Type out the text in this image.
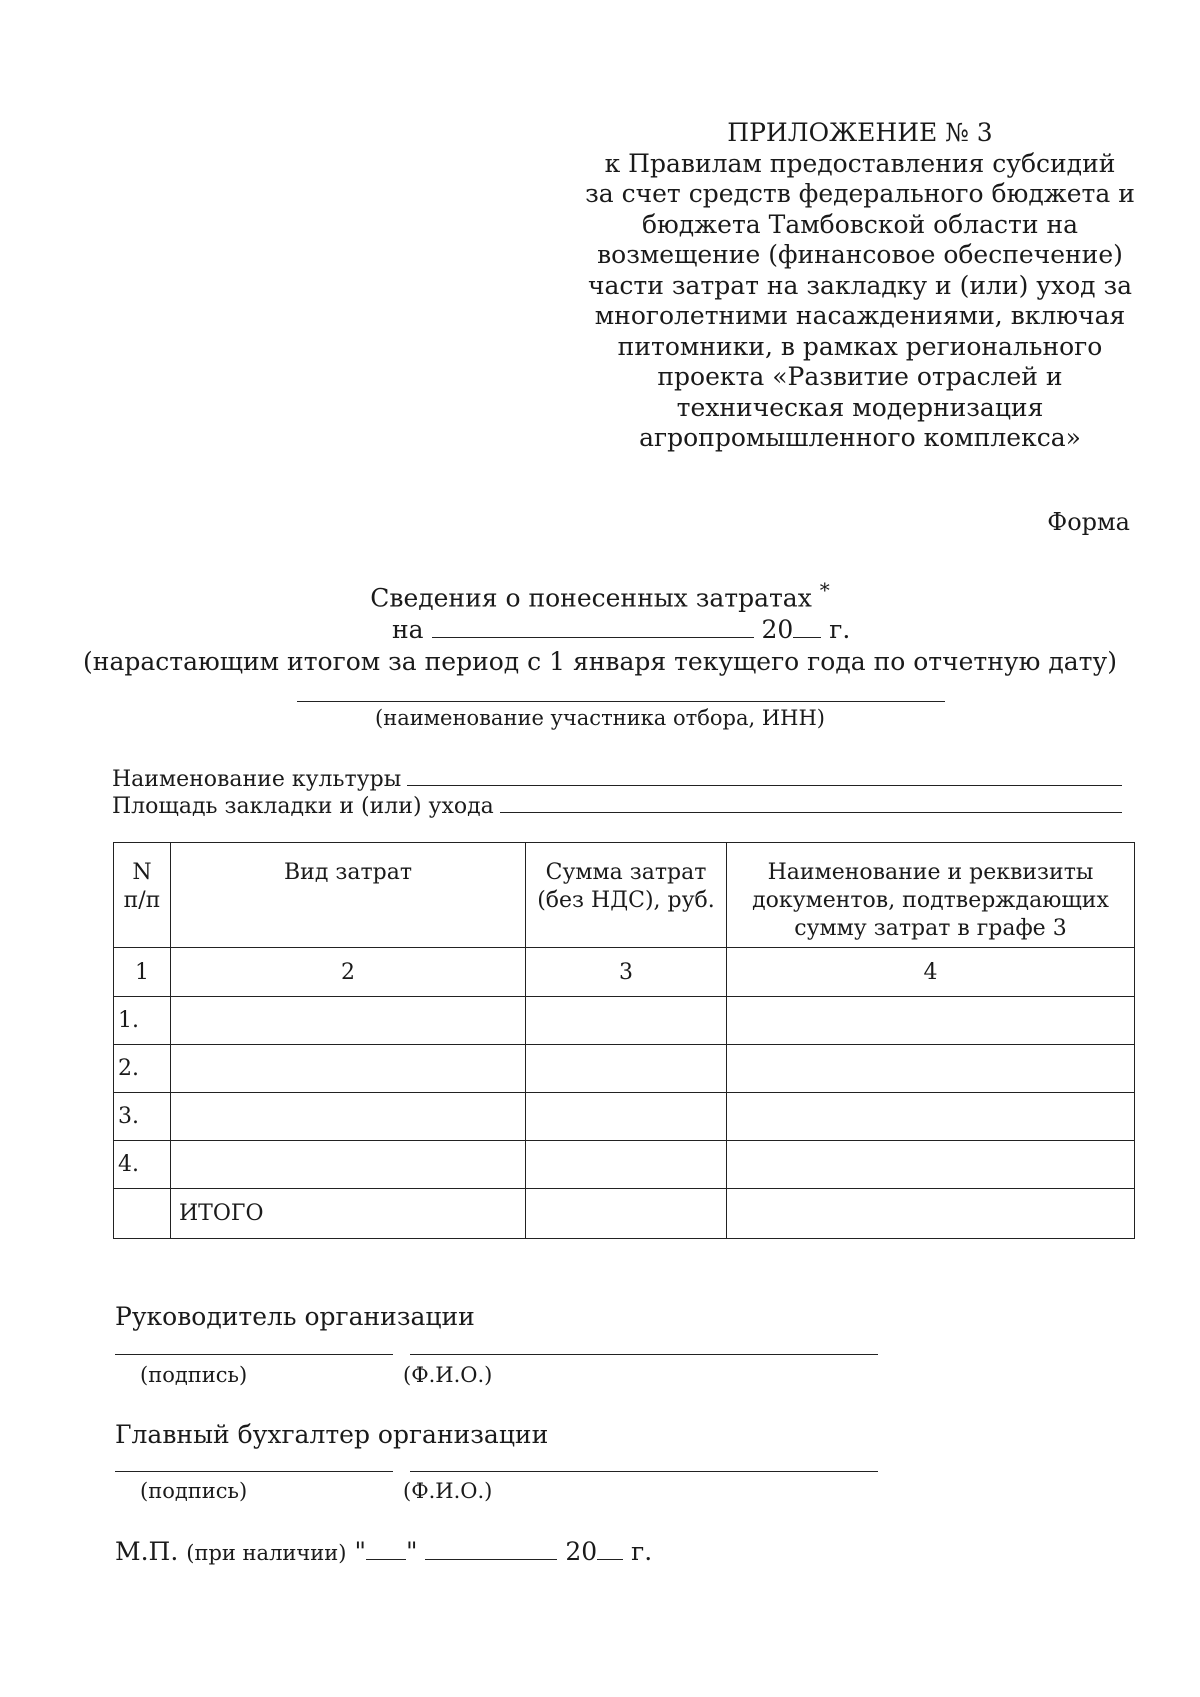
ПРИЛОЖЕНИЕ № 3
к Правилам предоставления субсидий
за счет средств федерального бюджета и
бюджета Тамбовской области на
возмещение (финансовое обеспечение)
части затрат на закладку и (или) уход за
многолетними насаждениями, включая
питомники, в рамках регионального
проекта «Развитие отраслей и
техническая модернизация
агропромышленного комплекса»
Форма
Сведения о понесенных затратах *
на	20 г.
(нарастающим итогом за период с 1 января текущего года по отчетную дату)
(наименование участника отбора, ИНН)
Наименование культуры
Площадь закладки и (или) ухода
N п/п	Вид затрат	Сумма затрат (без НДС), руб.	Наименование и реквизиты документов, подтверждающих сумму затрат в графе 3
1	2	3	4
1.			
2.			
3.			
4.			
	ИТОГО		
Руководитель организации
(подпись)	(Ф.И.О.)
Главный бухгалтер организации
(подпись)	(Ф.И.О.)
М.П. (при наличии) " "	20 г.
